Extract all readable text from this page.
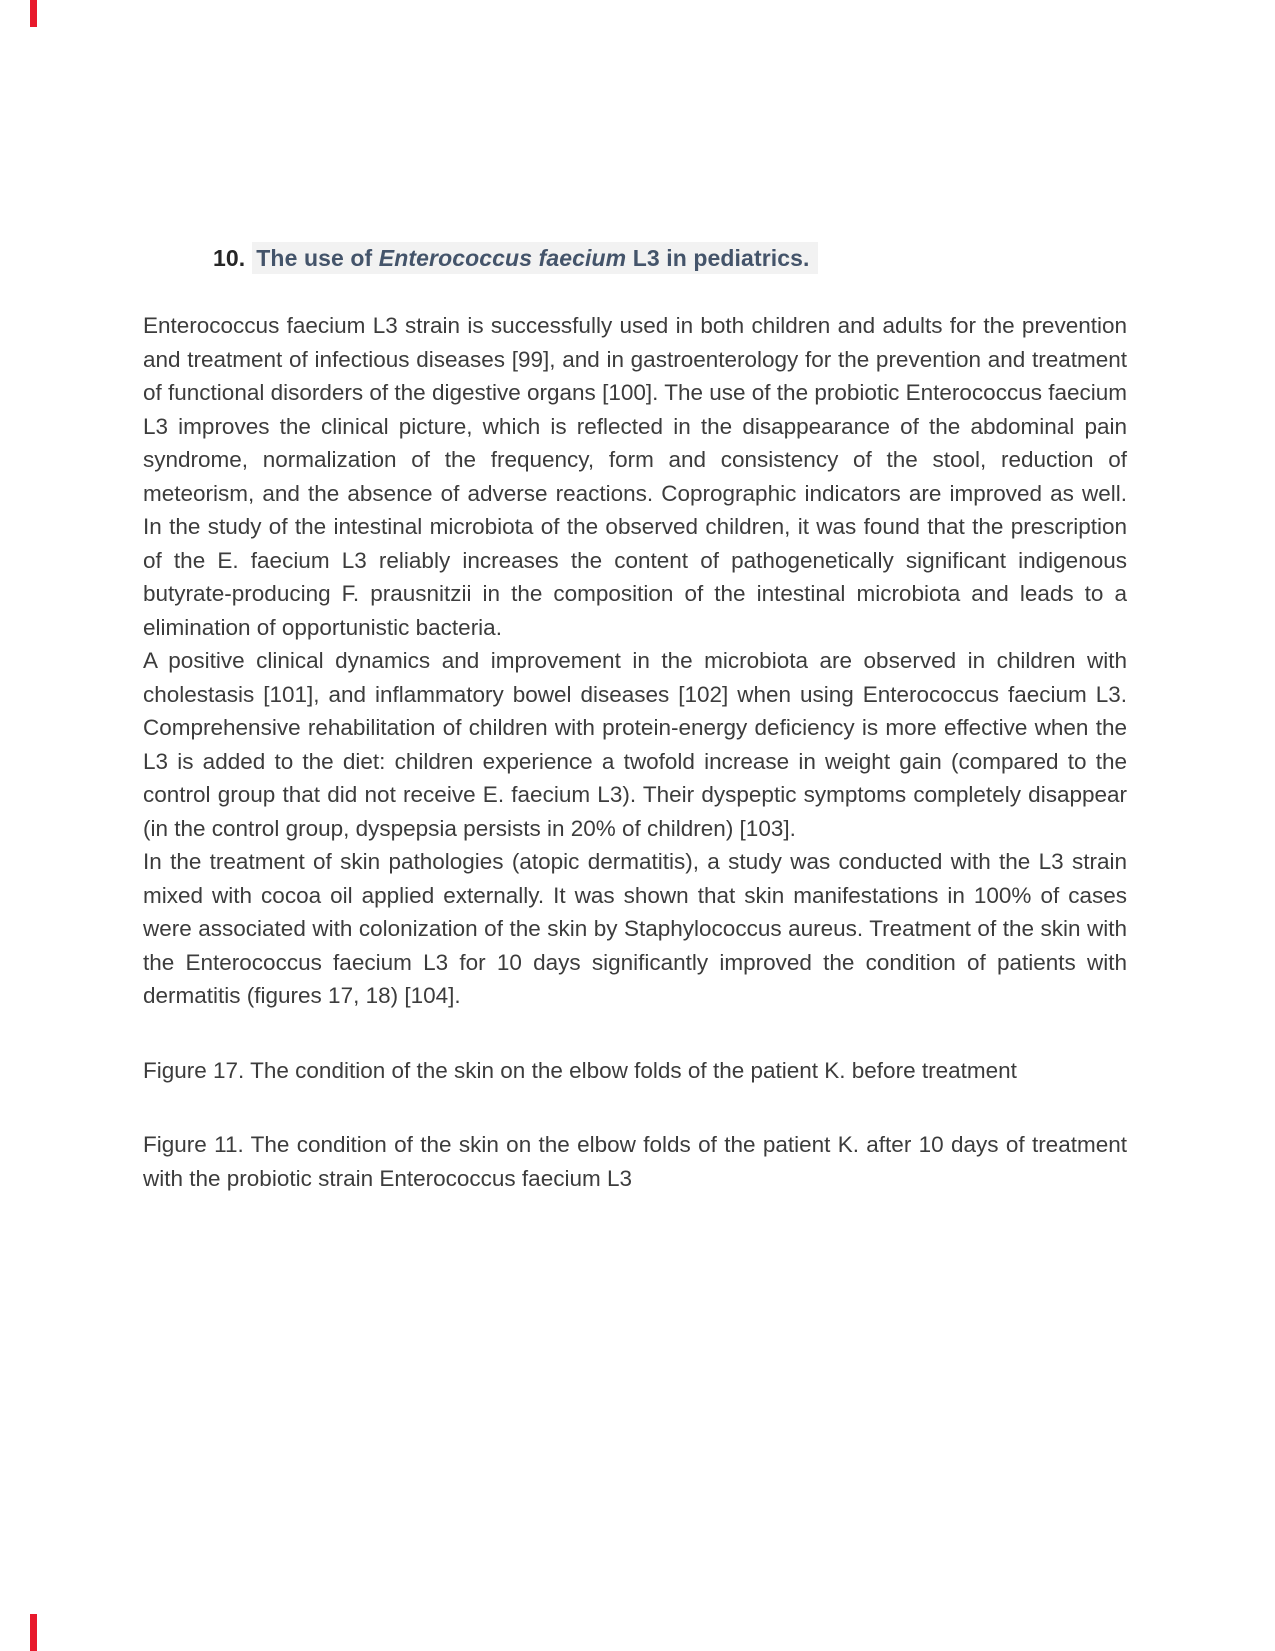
10. The use of Enterococcus faecium L3 in pediatrics.

Enterococcus faecium L3 strain is successfully used in both children and adults for the prevention and treatment of infectious diseases [99], and in gastroenterology for the prevention and treatment of functional disorders of the digestive organs [100]. The use of the probiotic Enterococcus faecium L3 improves the clinical picture, which is reflected in the disappearance of the abdominal pain syndrome, normalization of the frequency, form and consistency of the stool, reduction of meteorism, and the absence of adverse reactions. Coprographic indicators are improved as well. In the study of the intestinal microbiota of the observed children, it was found that the prescription of the E. faecium L3 reliably increases the content of pathogenetically significant indigenous butyrate-producing F. prausnitzii in the composition of the intestinal microbiota and leads to a elimination of opportunistic bacteria.

A positive clinical dynamics and improvement in the microbiota are observed in children with cholestasis [101], and inflammatory bowel diseases [102] when using Enterococcus faecium L3. Comprehensive rehabilitation of children with protein-energy deficiency is more effective when the L3 is added to the diet: children experience a twofold increase in weight gain (compared to the control group that did not receive E. faecium L3). Their dyspeptic symptoms completely disappear (in the control group, dyspepsia persists in 20% of children) [103].

In the treatment of skin pathologies (atopic dermatitis), a study was conducted with the L3 strain mixed with cocoa oil applied externally. It was shown that skin manifestations in 100% of cases were associated with colonization of the skin by Staphylococcus aureus. Treatment of the skin with the Enterococcus faecium L3 for 10 days significantly improved the condition of patients with dermatitis (figures 17, 18) [104].

Figure 17. The condition of the skin on the elbow folds of the patient K. before treatment

Figure 11. The condition of the skin on the elbow folds of the patient K. after 10 days of treatment with the probiotic strain Enterococcus faecium L3
